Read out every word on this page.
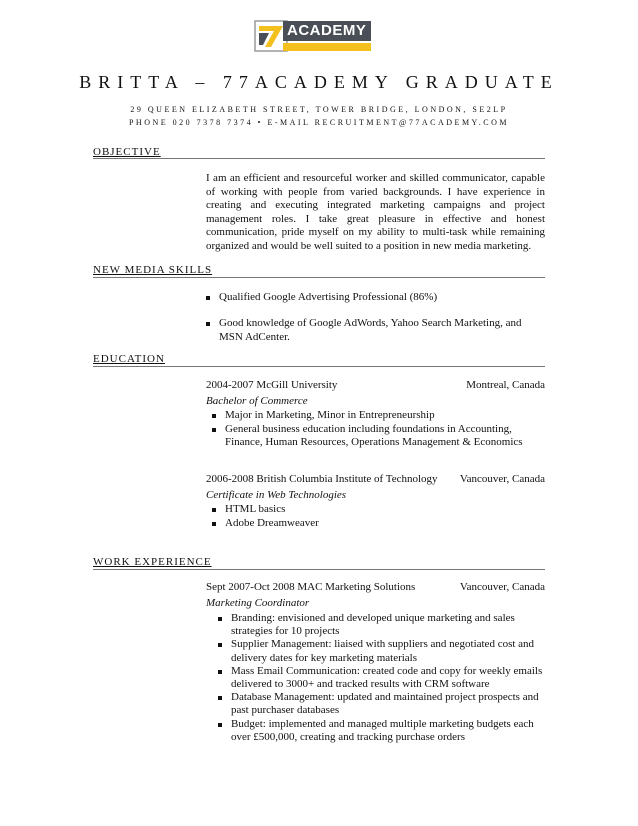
ACADEMY
BRITTA – 77ACADEMY GRADUATE
29 QUEEN ELIZABETH STREET, TOWER BRIDGE, LONDON, SE2LP
PHONE 020 7378 7374 • E-MAIL RECRUITMENT@77ACADEMY.COM
OBJECTIVE
I am an efficient and resourceful worker and skilled communicator, capable of working with people from varied backgrounds. I have experience in creating and executing integrated marketing campaigns and project management roles. I take great pleasure in effective and honest communication, pride myself on my ability to multi-task while remaining organized and would be well suited to a position in new media marketing.
NEW MEDIA SKILLS
Qualified Google Advertising Professional (86%)
Good knowledge of Google AdWords, Yahoo Search Marketing, and MSN AdCenter.
EDUCATION
2004-2007 McGill University	Montreal, Canada
Bachelor of Commerce
Major in Marketing, Minor in Entrepreneurship
General business education including foundations in Accounting, Finance, Human Resources, Operations Management & Economics
2006-2008 British Columbia Institute of Technology Vancouver, Canada
Certificate in Web Technologies
HTML basics
Adobe Dreamweaver
WORK EXPERIENCE
Sept 2007-Oct 2008 MAC Marketing Solutions	Vancouver, Canada
Marketing Coordinator
Branding: envisioned and developed unique marketing and sales strategies for 10 projects
Supplier Management: liaised with suppliers and negotiated cost and delivery dates for key marketing materials
Mass Email Communication: created code and copy for weekly emails delivered to 3000+ and tracked results with CRM software
Database Management: updated and maintained project prospects and past purchaser databases
Budget: implemented and managed multiple marketing budgets each over £500,000, creating and tracking purchase orders
